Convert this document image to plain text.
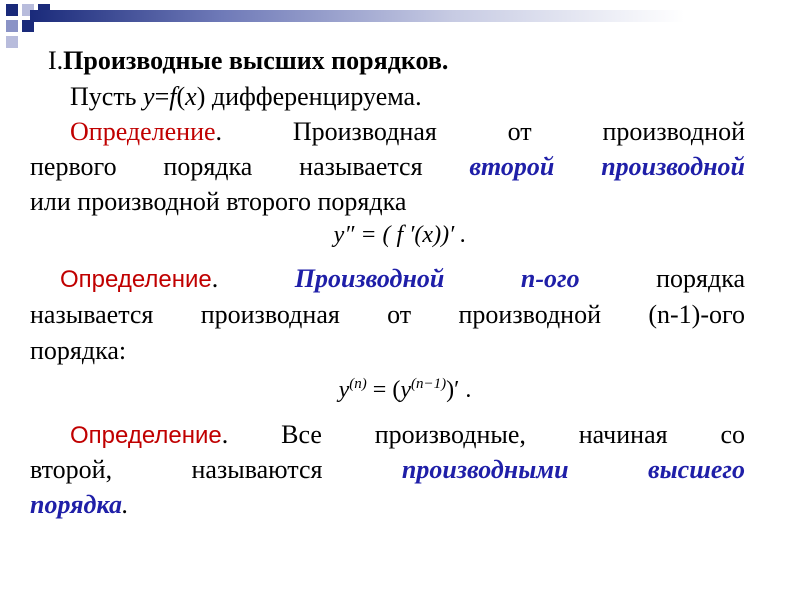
I.Производные высших порядков.
Пусть y=f(x) дифференцируема.
Определение. Производная от производной
первого порядка называется второй производной
или производной второго порядка
y″ = ( f ′(x))′ .
Определение. Производной n-ого порядка
называется производная от производной (n-1)-ого
порядка:
$y^{(n)} = (y^{(n-1)})'$ .
Определение. Все производные, начиная со
второй, называются производными высшего
порядка.
